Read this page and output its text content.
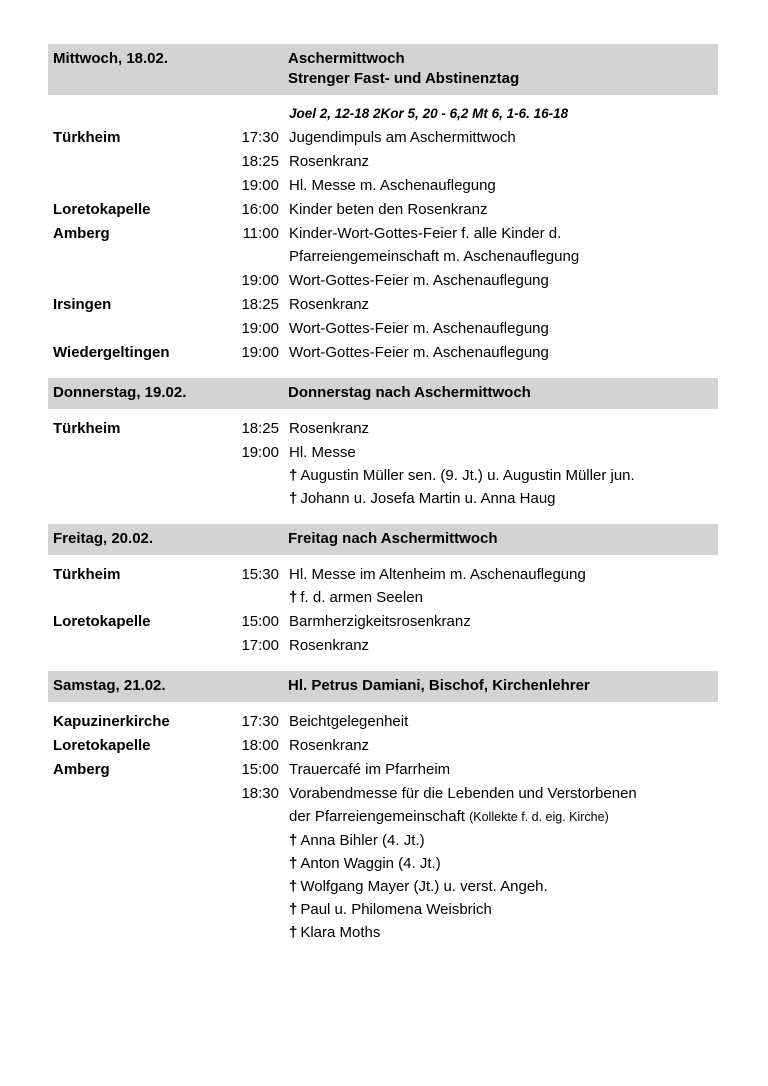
Mittwoch, 18.02.	Aschermittwoch
Strenger Fast- und Abstinenztag
Joel 2, 12-18 2Kor 5, 20 - 6,2 Mt 6, 1-6. 16-18
Türkheim	17:30 Jugendimpuls am Aschermittwoch
18:25 Rosenkranz
19:00 Hl. Messe m. Aschenauflegung
Loretokapelle	16:00 Kinder beten den Rosenkranz
Amberg	11:00 Kinder-Wort-Gottes-Feier f. alle Kinder d.
Pfarreiengemeinschaft m. Aschenauflegung
19:00 Wort-Gottes-Feier m. Aschenauflegung
Irsingen	18:25 Rosenkranz
19:00 Wort-Gottes-Feier m. Aschenauflegung
Wiedergeltingen	19:00 Wort-Gottes-Feier m. Aschenauflegung
Donnerstag, 19.02.	Donnerstag nach Aschermittwoch
Türkheim	18:25 Rosenkranz
19:00 Hl. Messe
† Augustin Müller sen. (9. Jt.) u. Augustin Müller jun.
† Johann u. Josefa Martin u. Anna Haug
Freitag, 20.02.	Freitag nach Aschermittwoch
Türkheim	15:30 Hl. Messe im Altenheim m. Aschenauflegung
† f. d. armen Seelen
Loretokapelle	15:00 Barmherzigkeitsrosenkranz
17:00 Rosenkranz
Samstag, 21.02.	Hl. Petrus Damiani, Bischof, Kirchenlehrer
Kapuzinerkirche	17:30 Beichtgelegenheit
Loretokapelle	18:00 Rosenkranz
Amberg	15:00 Trauercafé im Pfarrheim
18:30 Vorabendmesse für die Lebenden und Verstorbenen
der Pfarreiengemeinschaft (Kollekte f. d. eig. Kirche)
† Anna Bihler (4. Jt.)
† Anton Waggin (4. Jt.)
† Wolfgang Mayer (Jt.) u. verst. Angeh.
† Paul u. Philomena Weisbrich
† Klara Moths
